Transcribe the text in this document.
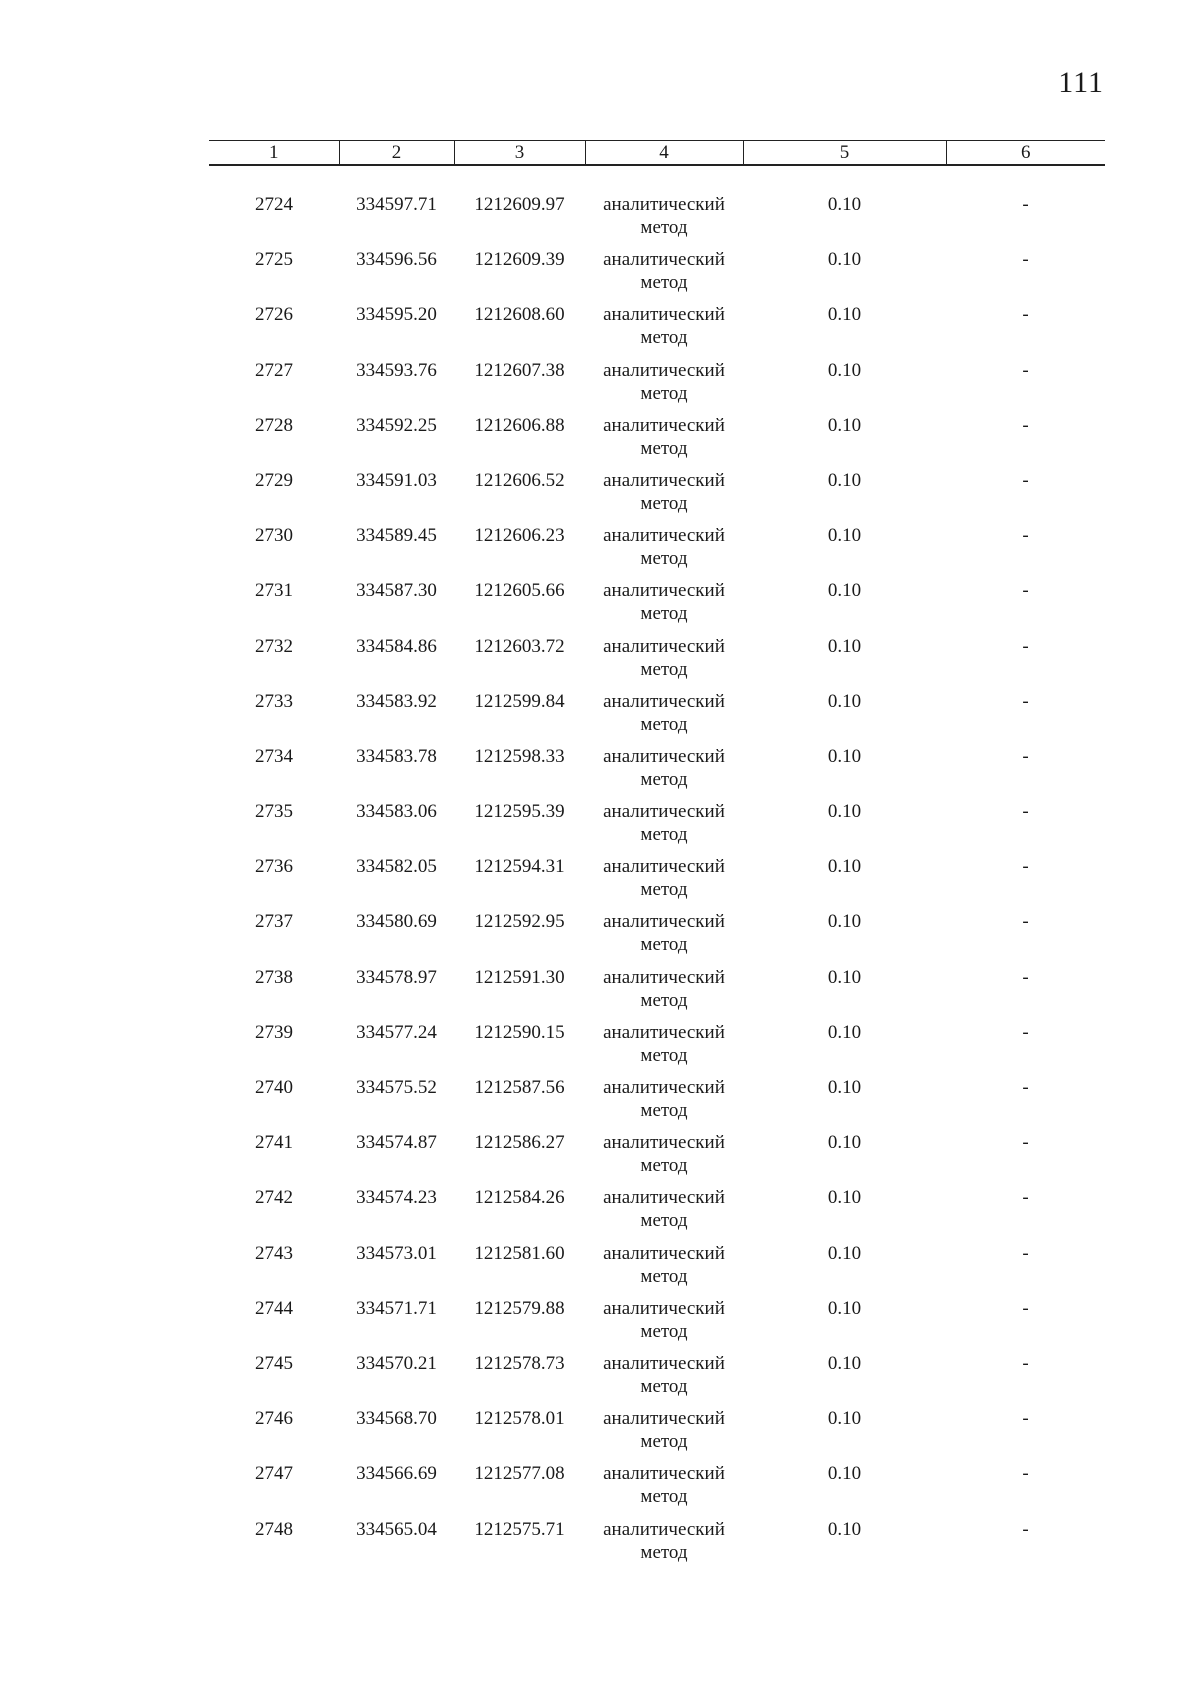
111
1	2	3	4	5	6

2724	334597.71	1212609.97	аналитический
метод	0.10	-
2725	334596.56	1212609.39	аналитический
метод	0.10	-
2726	334595.20	1212608.60	аналитический
метод	0.10	-
2727	334593.76	1212607.38	аналитический
метод	0.10	-
2728	334592.25	1212606.88	аналитический
метод	0.10	-
2729	334591.03	1212606.52	аналитический
метод	0.10	-
2730	334589.45	1212606.23	аналитический
метод	0.10	-
2731	334587.30	1212605.66	аналитический
метод	0.10	-
2732	334584.86	1212603.72	аналитический
метод	0.10	-
2733	334583.92	1212599.84	аналитический
метод	0.10	-
2734	334583.78	1212598.33	аналитический
метод	0.10	-
2735	334583.06	1212595.39	аналитический
метод	0.10	-
2736	334582.05	1212594.31	аналитический
метод	0.10	-
2737	334580.69	1212592.95	аналитический
метод	0.10	-
2738	334578.97	1212591.30	аналитический
метод	0.10	-
2739	334577.24	1212590.15	аналитический
метод	0.10	-
2740	334575.52	1212587.56	аналитический
метод	0.10	-
2741	334574.87	1212586.27	аналитический
метод	0.10	-
2742	334574.23	1212584.26	аналитический
метод	0.10	-
2743	334573.01	1212581.60	аналитический
метод	0.10	-
2744	334571.71	1212579.88	аналитический
метод	0.10	-
2745	334570.21	1212578.73	аналитический
метод	0.10	-
2746	334568.70	1212578.01	аналитический
метод	0.10	-
2747	334566.69	1212577.08	аналитический
метод	0.10	-
2748	334565.04	1212575.71	аналитический
метод	0.10	-
